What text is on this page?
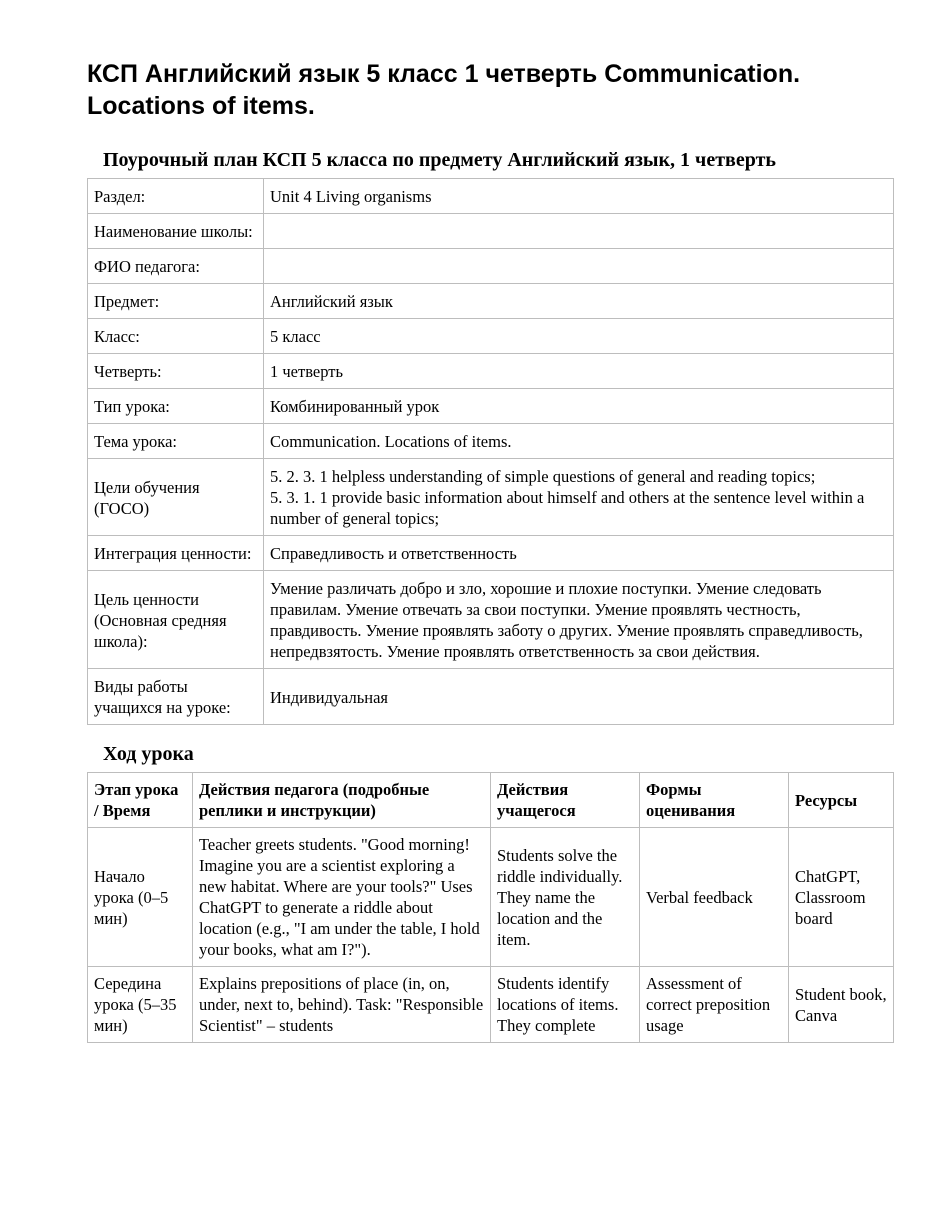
КСП Английский язык 5 класс 1 четверть Communication. Locations of items.
Поурочный план КСП 5 класса по предмету Английский язык, 1 четверть
Раздел:	Unit 4 Living organisms
Наименование школы:	
ФИО педагога:	
Предмет:	Английский язык
Класс:	5 класс
Четверть:	1 четверть
Тип урока:	Комбинированный урок
Тема урока:	Communication. Locations of items.
Цели обучения (ГОСО)	5. 2. 3. 1 helpless understanding of simple questions of general and reading topics;
5. 3. 1. 1 provide basic information about himself and others at the sentence level within a number of general topics;
Интеграция ценности:	Справедливость и ответственность
Цель ценности (Основная средняя школа):	Умение различать добро и зло, хорошие и плохие поступки. Умение следовать правилам. Умение отвечать за свои поступки. Умение проявлять честность, правдивость. Умение проявлять заботу о других. Умение проявлять справедливость, непредвзятость. Умение проявлять ответственность за свои действия.
Виды работы учащихся на уроке:	Индивидуальная
Ход урока
Этап урока / Время	Действия педагога (подробные реплики и инструкции)	Действия учащегося	Формы оценивания	Ресурсы
Начало урока (0–5 мин)	Teacher greets students. "Good morning! Imagine you are a scientist exploring a new habitat. Where are your tools?" Uses ChatGPT to generate a riddle about location (e.g., "I am under the table, I hold your books, what am I?").	Students solve the riddle individually. They name the location and the item.	Verbal feedback	ChatGPT, Classroom board
Середина урока (5–35 мин)	Explains prepositions of place (in, on, under, next to, behind). Task: "Responsible Scientist" – students	Students identify locations of items. They complete	Assessment of correct preposition usage	Student book, Canva
